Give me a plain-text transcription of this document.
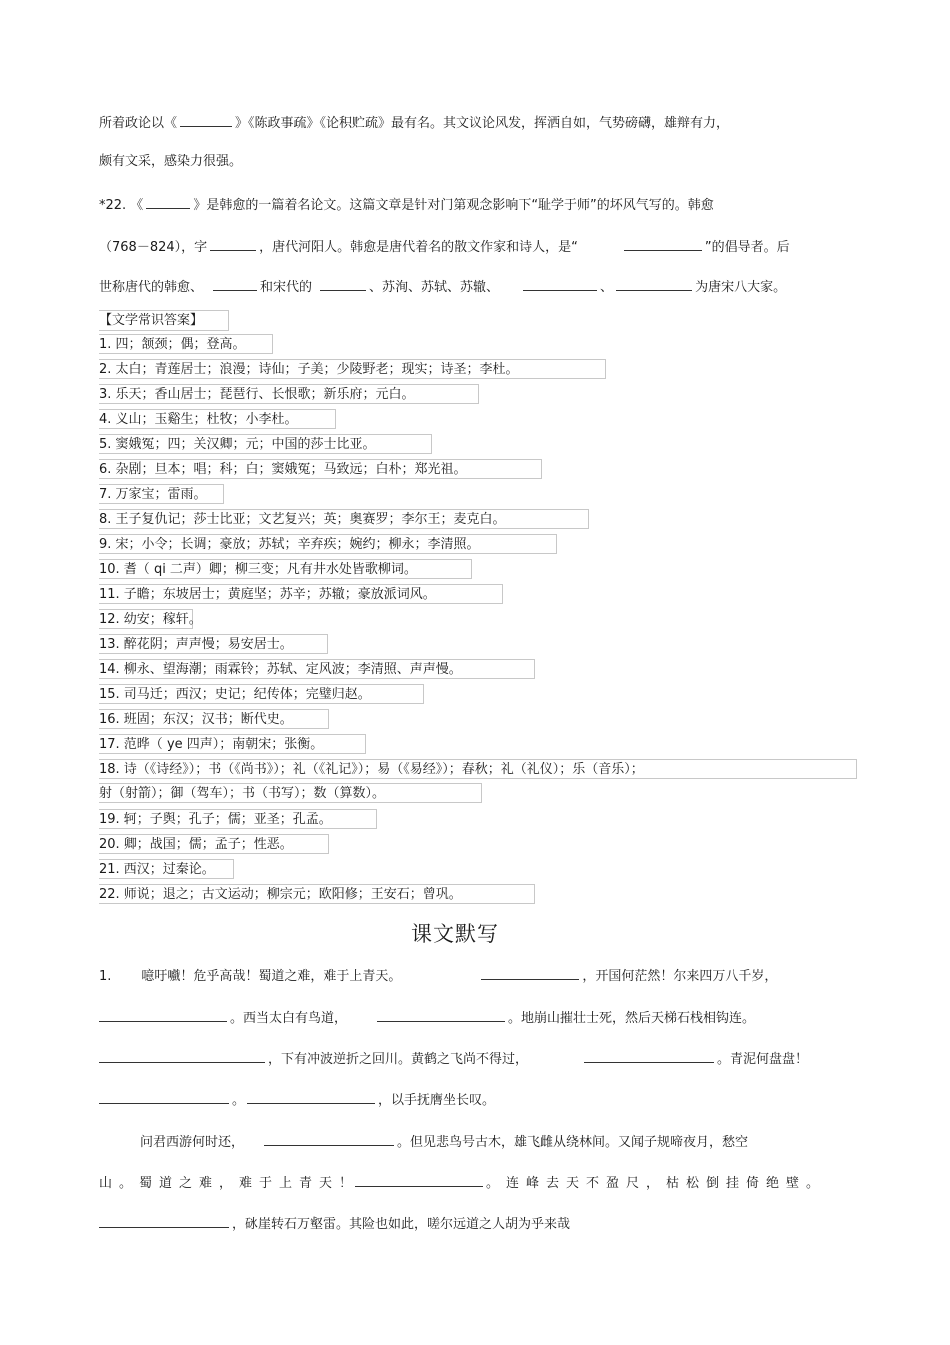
所着政论以《	》《陈政事疏》《论积贮疏》最有名。其文议论风发，挥洒自如，气势磅礴，雄辩有力，
颇有文采，感染力很强。
*22. 《	》是韩愈的一篇着名论文。这篇文章是针对门第观念影响下“耻学于师”的坏风气写的。韩愈
（768－824），字	，唐代河阳人。韩愈是唐代着名的散文作家和诗人，是“	”的倡导者。后
世称唐代的韩愈、	和宋代的	、苏洵、苏轼、苏辙、	、	为唐宋八大家。
【文学常识答案】
1. 四；颔颈；偶；登高。
2. 太白；青莲居士；浪漫；诗仙；子美；少陵野老；现实；诗圣；李杜。
3. 乐天；香山居士；琵琶行、长恨歌；新乐府；元白。
4. 义山；玉谿生；杜牧；小李杜。
5. 窦娥冤；四；关汉卿；元；中国的莎士比亚。
6. 杂剧；旦本；唱；科；白；窦娥冤；马致远；白朴；郑光祖。
7. 万家宝；雷雨。
8. 王子复仇记；莎士比亚；文艺复兴；英；奥赛罗；李尔王；麦克白。
9. 宋；小令；长调；豪放；苏轼；辛弃疾；婉约；柳永；李清照。
10. 耆（ qi 二声）卿；柳三变；凡有井水处皆歌柳词。
11. 子瞻；东坡居士；黄庭坚；苏辛；苏辙；豪放派词风。
12. 幼安；稼轩。
13. 醉花阴；声声慢；易安居士。
14. 柳永、望海潮；雨霖铃；苏轼、定风波；李清照、声声慢。
15. 司马迁；西汉；史记；纪传体；完璧归赵。
16. 班固；东汉；汉书；断代史。
17. 范晔（ ye 四声）；南朝宋；张衡。
18. 诗（《诗经》）；书（《尚书》）；礼（《礼记》）；易（《易经》）；春秋；礼（礼仪）；乐（音乐）；
射（射箭）；御（驾车）；书（书写）；数（算数）。
19. 轲；子舆；孔子；儒；亚圣；孔孟。
20. 卿；战国；儒；孟子；性恶。
21. 西汉；过秦论。
22. 师说；退之；古文运动；柳宗元；欧阳修；王安石；曾巩。
课文默写
1. 噫吁嚱！危乎高哉！蜀道之难，难于上青天。	，开国何茫然！尔来四万八千岁，
。西当太白有鸟道，	。地崩山摧壮士死，然后天梯石栈相钩连。
，下有冲波逆折之回川。黄鹤之飞尚不得过，	。青泥何盘盘！
。	，以手抚膺坐长叹。
问君西游何时还，	。但见悲鸟号古木，雄飞雌从绕林间。又闻子规啼夜月，愁空
山。蜀道之难，难于上青天！	。连峰去天不盈尺，枯松倒挂倚绝壁。
，砯崖转石万壑雷。其险也如此，嗟尔远道之人胡为乎来哉
